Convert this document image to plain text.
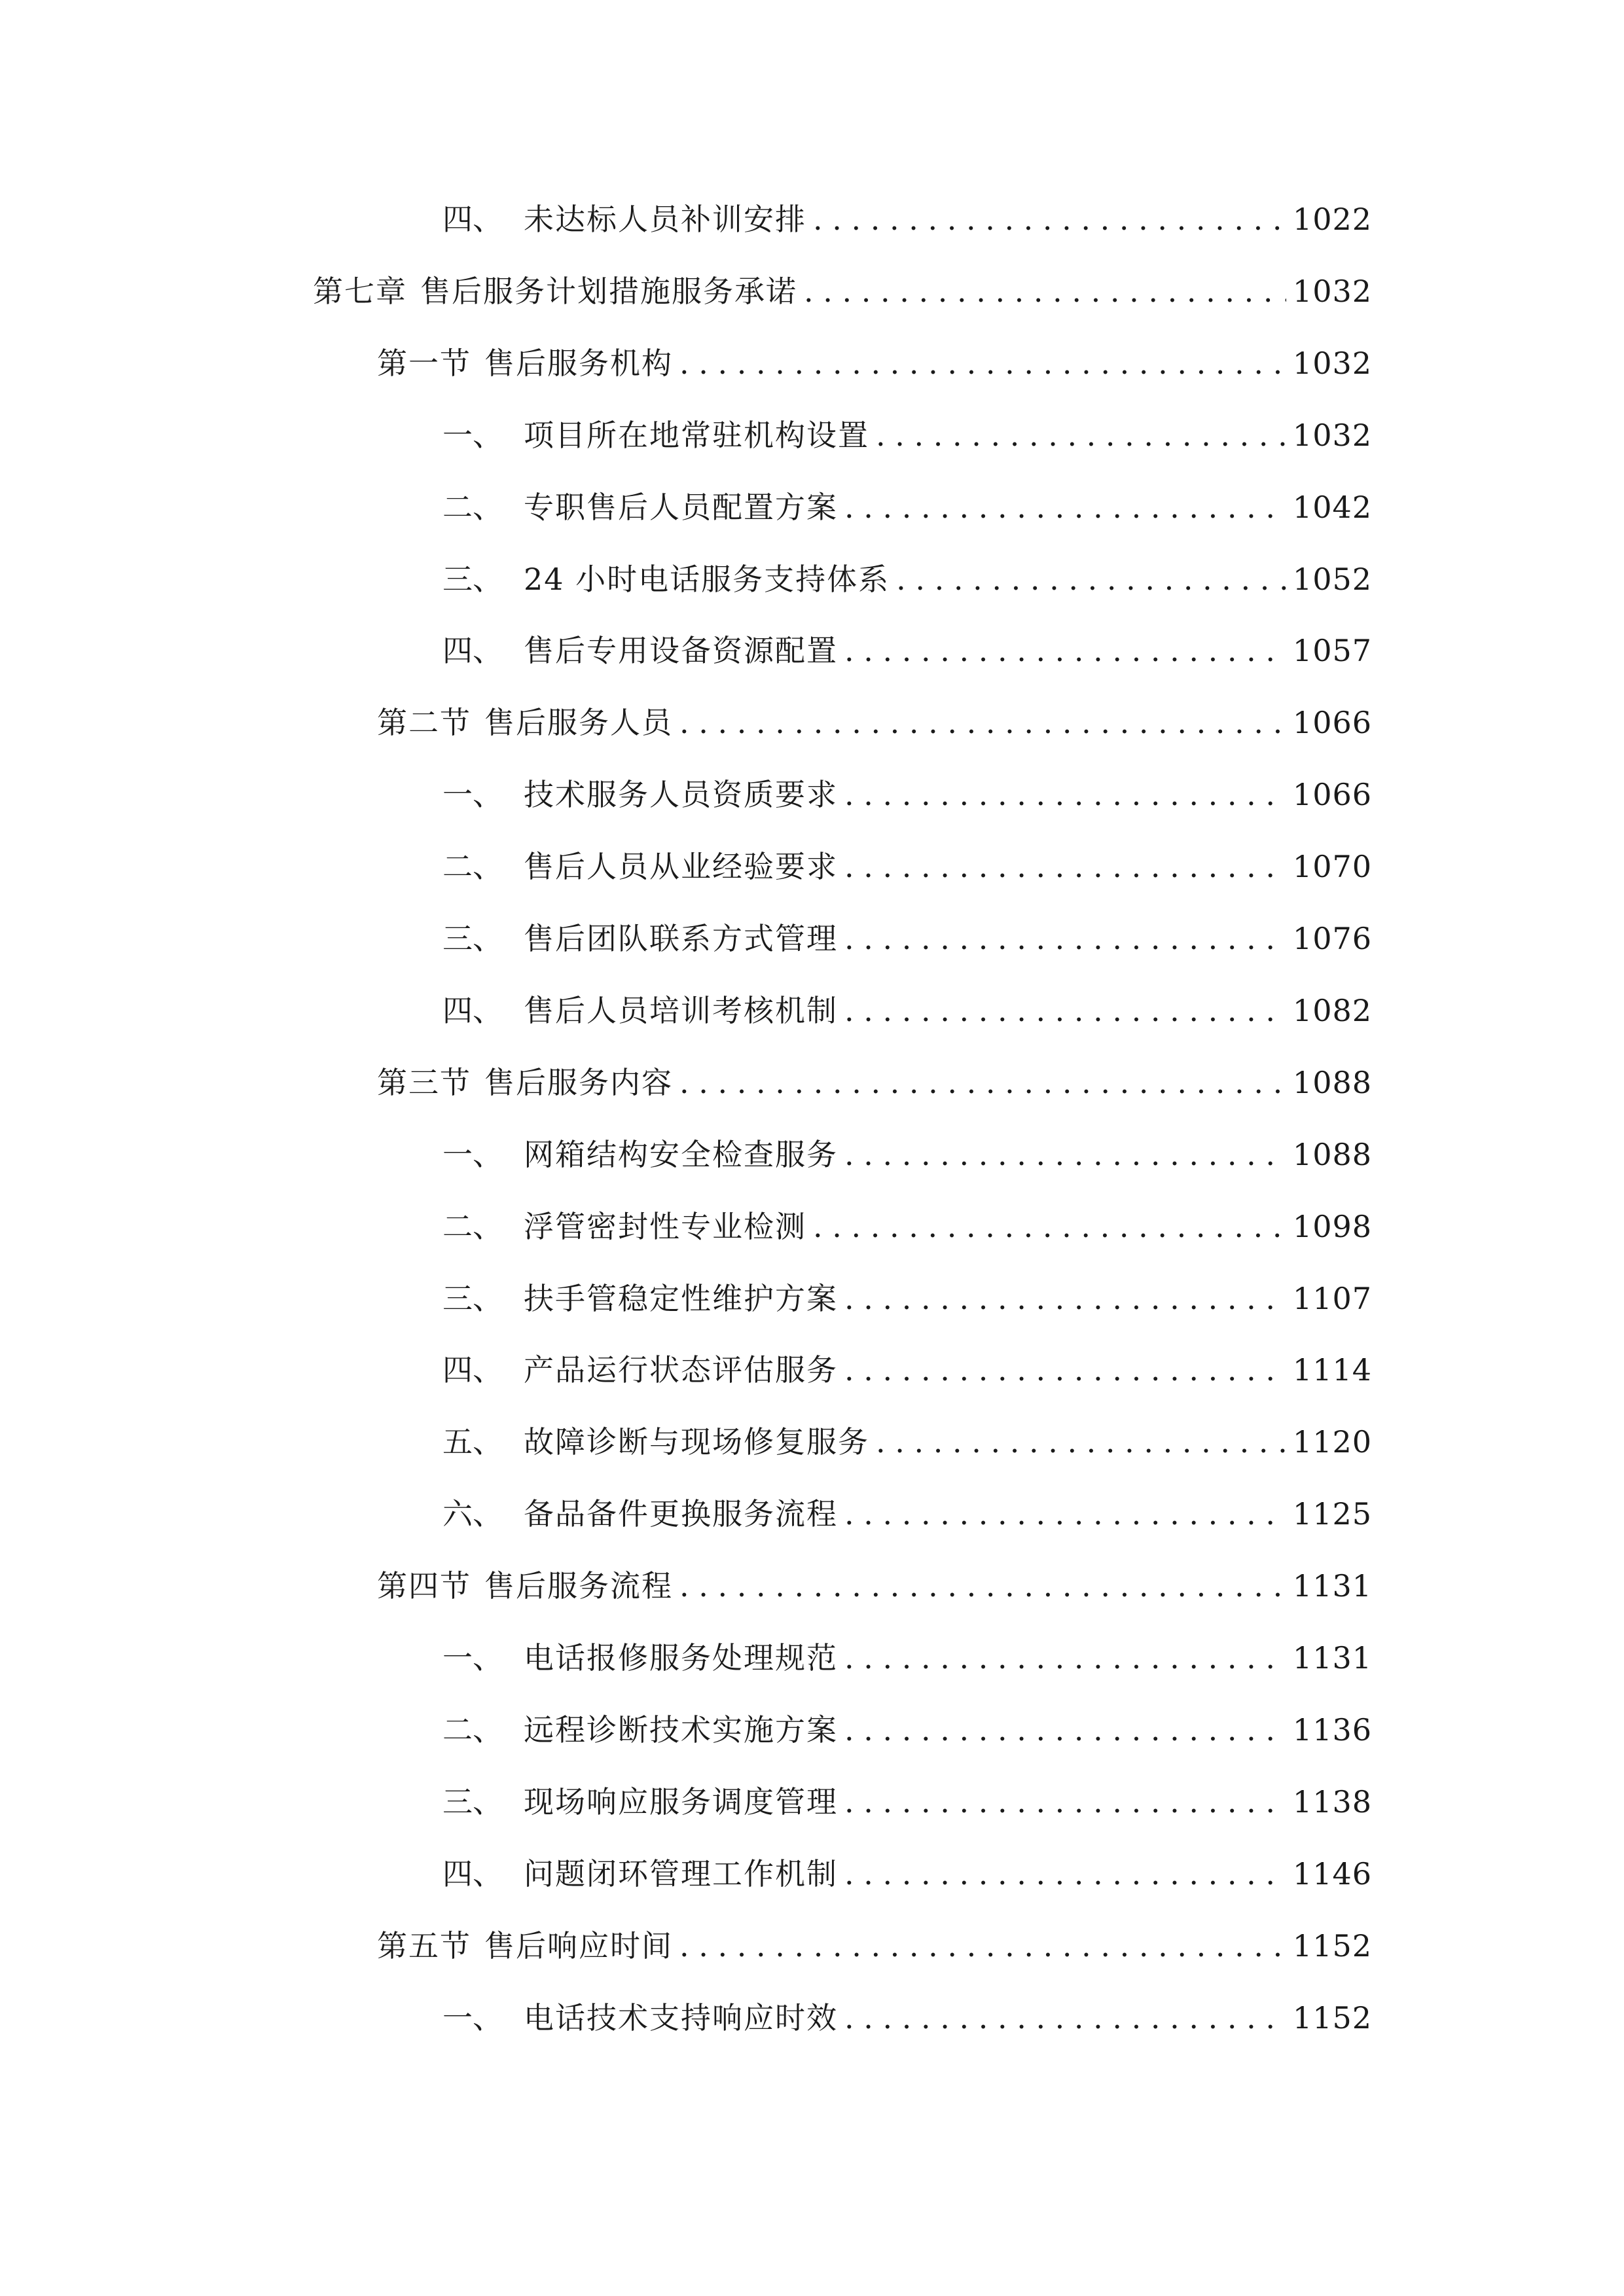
四、 未达标人员补训安排 . . .	1022
第七章 售后服务计划措施服务承诺 . . .	1032
第一节 售后服务机构 . . .	1032
一、 项目所在地常驻机构设置 . . .	1032
二、 专职售后人员配置方案 . . .	1042
三、 24 小时电话服务支持体系 . . .	1052
四、 售后专用设备资源配置 . . .	1057
第二节 售后服务人员 . . .	1066
一、 技术服务人员资质要求 . . .	1066
二、 售后人员从业经验要求 . . .	1070
三、 售后团队联系方式管理 . . .	1076
四、 售后人员培训考核机制 . . .	1082
第三节 售后服务内容 . . .	1088
一、 网箱结构安全检查服务 . . .	1088
二、 浮管密封性专业检测 . . .	1098
三、 扶手管稳定性维护方案 . . .	1107
四、 产品运行状态评估服务 . . .	1114
五、 故障诊断与现场修复服务 . . .	1120
六、 备品备件更换服务流程 . . .	1125
第四节 售后服务流程 . . .	1131
一、 电话报修服务处理规范 . . .	1131
二、 远程诊断技术实施方案 . . .	1136
三、 现场响应服务调度管理 . . .	1138
四、 问题闭环管理工作机制 . . .	1146
第五节 售后响应时间 . . .	1152
一、 电话技术支持响应时效 . . .	1152
